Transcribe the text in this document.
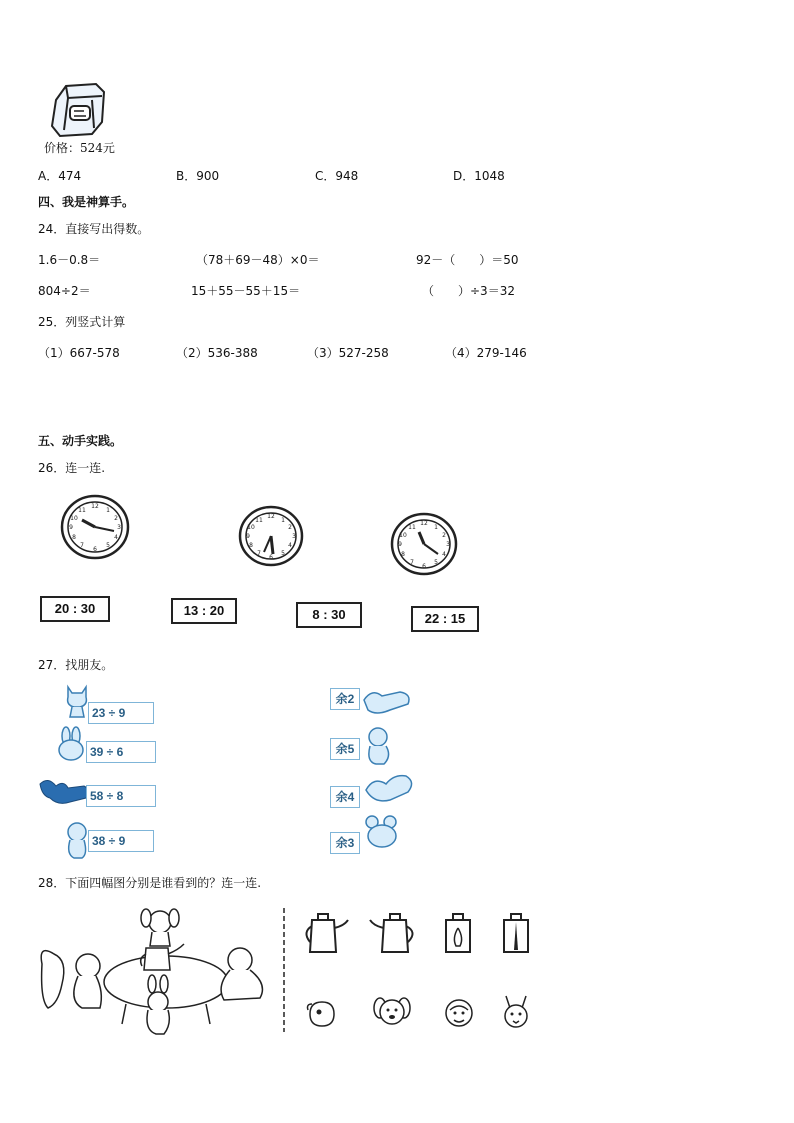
价格：524元
A．474	B．900	C．948	D．1048
四、我是神算手。
24．直接写出得数。
1.6－0.8＝	（78＋69－48）×0＝	92－（　　）＝50
804÷2＝	15＋55－55＋15＝	（　　）÷3＝32
25．列竖式计算
（1）667-578	（2）536-388	（3）527-258	（4）279-146
五、动手实践。
26．连一连.
12
1
2
3
4
5
6
7
8
9
10
11
12
1
2
3
4
5
6
7
8
9
10
11	12
1
2
3
4
5
6
7
8
9
10
11
20 : 30	13 : 20	8 : 30	22 : 15
27．找朋友。
23 ÷ 9
39 ÷ 6
58 ÷ 8
38 ÷ 9
余2
余5
余4
余3
28．下面四幅图分别是谁看到的？连一连.
